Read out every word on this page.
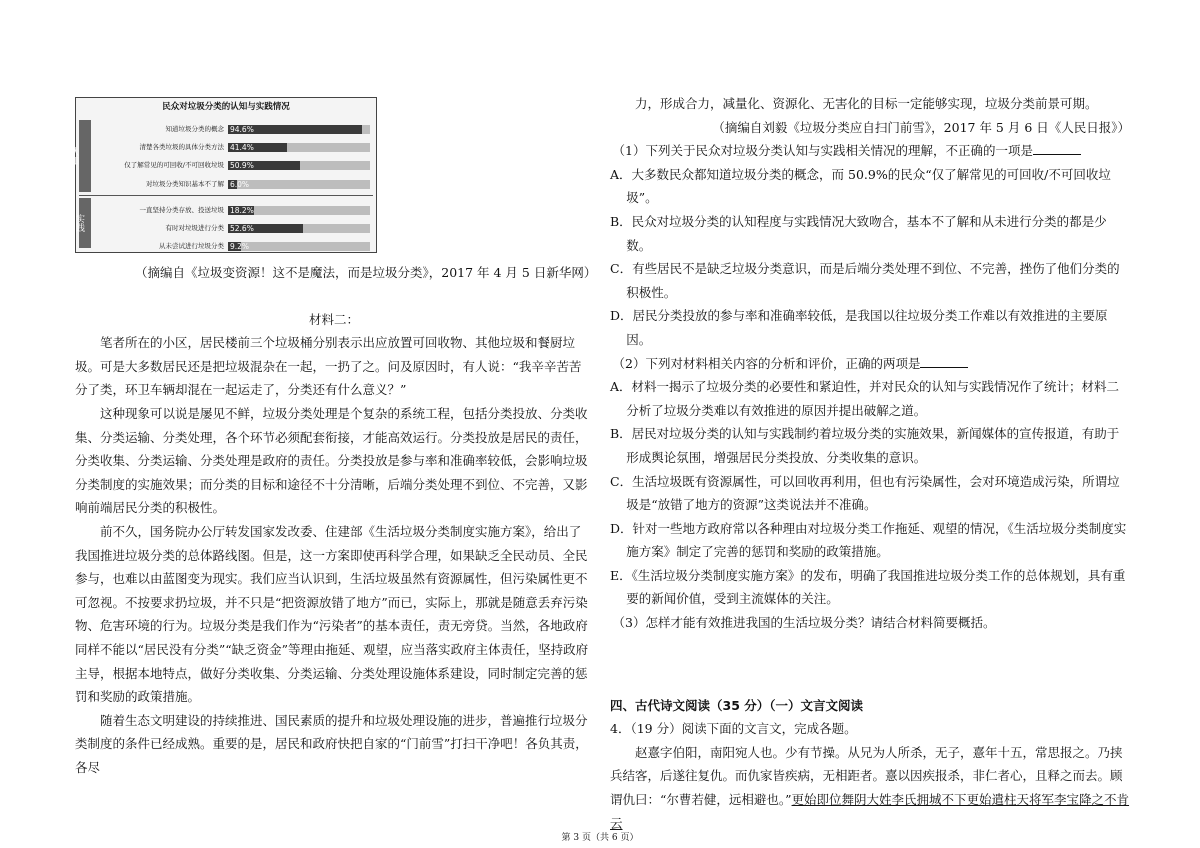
民众对垃圾分类的认知与实践情况
认知
实践
知道垃圾分类的概念 94.6%
清楚各类垃圾的具体分类方法 41.4%
仅了解常见的可回收/不可回收垃圾 50.9%
对垃圾分类知识基本不了解 6.0%
一直坚持分类存放、投送垃圾 18.2%
有时对垃圾进行分类 52.6%
从未尝试进行垃圾分类 9.2%

（摘编自《垃圾变资源！这不是魔法，而是垃圾分类》，2017 年 4 月 5 日新华网）

材料二：

笔者所在的小区，居民楼前三个垃圾桶分别表示出应放置可回收物、其他垃圾和餐厨垃圾。可是大多数居民还是把垃圾混杂在一起，一扔了之。问及原因时，有人说：“我辛辛苦苦分了类，环卫车辆却混在一起运走了，分类还有什么意义？”

这种现象可以说是屡见不鲜，垃圾分类处理是个复杂的系统工程，包括分类投放、分类收集、分类运输、分类处理，各个环节必须配套衔接，才能高效运行。分类投放是居民的责任，分类收集、分类运输、分类处理是政府的责任。分类投放是参与率和准确率较低，会影响垃圾分类制度的实施效果；而分类的目标和途径不十分清晰，后端分类处理不到位、不完善，又影响前端居民分类的积极性。

前不久，国务院办公厅转发国家发改委、住建部《生活垃圾分类制度实施方案》，给出了我国推进垃圾分类的总体路线图。但是，这一方案即使再科学合理，如果缺乏全民动员、全民参与，也难以由蓝图变为现实。我们应当认识到，生活垃圾虽然有资源属性，但污染属性更不可忽视。不按要求扔垃圾，并不只是“把资源放错了地方”而已，实际上，那就是随意丢弃污染物、危害环境的行为。垃圾分类是我们作为“污染者”的基本责任，责无旁贷。当然，各地政府同样不能以“居民没有分类”“缺乏资金”等理由拖延、观望，应当落实政府主体责任，坚持政府主导，根据本地特点，做好分类收集、分类运输、分类处理设施体系建设，同时制定完善的惩罚和奖励的政策措施。

随着生态文明建设的持续推进、国民素质的提升和垃圾处理设施的进步，普遍推行垃圾分类制度的条件已经成熟。重要的是，居民和政府快把自家的“门前雪”打扫干净吧！各负其责，各尽

力，形成合力，减量化、资源化、无害化的目标一定能够实现，垃圾分类前景可期。

（摘编自刘毅《垃圾分类应自扫门前雪》，2017 年 5 月 6 日《人民日报》）

（1）下列关于民众对垃圾分类认知与实践相关情况的理解，不正确的一项是

A．大多数民众都知道垃圾分类的概念，而 50.9%的民众“仅了解常见的可回收/不可回收垃圾”。

B．民众对垃圾分类的认知程度与实践情况大致吻合，基本不了解和从未进行分类的都是少数。

C．有些居民不是缺乏垃圾分类意识，而是后端分类处理不到位、不完善，挫伤了他们分类的积极性。

D．居民分类投放的参与率和准确率较低，是我国以往垃圾分类工作难以有效推进的主要原因。

（2）下列对材料相关内容的分析和评价，正确的两项是

A．材料一揭示了垃圾分类的必要性和紧迫性，并对民众的认知与实践情况作了统计；材料二分析了垃圾分类难以有效推进的原因并提出破解之道。

B．居民对垃圾分类的认知与实践制约着垃圾分类的实施效果，新闻媒体的宣传报道，有助于形成舆论氛围，增强居民分类投放、分类收集的意识。

C．生活垃圾既有资源属性，可以回收再利用，但也有污染属性，会对环境造成污染，所谓垃圾是“放错了地方的资源”这类说法并不准确。

D．针对一些地方政府常以各种理由对垃圾分类工作拖延、观望的情况，《生活垃圾分类制度实施方案》制定了完善的惩罚和奖励的政策措施。

E．《生活垃圾分类制度实施方案》的发布，明确了我国推进垃圾分类工作的总体规划，具有重要的新闻价值，受到主流媒体的关注。

（3）怎样才能有效推进我国的生活垃圾分类？请结合材料简要概括。

四、古代诗文阅读（35 分）（一）文言文阅读

4．（19 分）阅读下面的文言文，完成各题。

赵憙字伯阳，南阳宛人也。少有节操。从兄为人所杀，无子，憙年十五，常思报之。乃挟兵结客，后遂往复仇。而仇家皆疾病，无相距者。憙以因疾报杀，非仁者心，且释之而去。顾谓仇曰：“尔曹若健，远相避也。”更始即位舞阴大姓李氏拥城不下更始遣柱天将军李宝降之不肯云

第 3 页（共 6 页）
